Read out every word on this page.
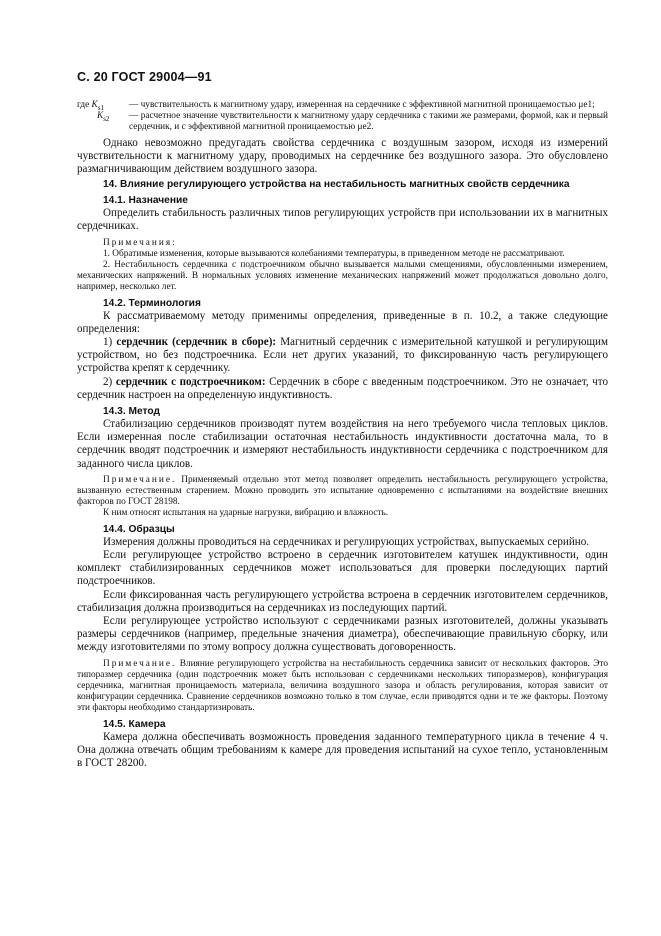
С. 20 ГОСТ 29004—91
где $K_{s1}$	— чувствительность к магнитному удару, измеренная на сердечнике с эффективной магнитной проницаемостью μe1;
$K_{s2}$ — расчетное значение чувствительности к магнитному удару сердечника с такими же размерами, формой, как и первый сердечник, и с эффективной магнитной проницаемостью μe2.

Однако невозможно предугадать свойства сердечника с воздушным зазором, исходя из измерений чувствительности к магнитному удару, проводимых на сердечнике без воздушного зазора. Это обусловлено размагничивающим действием воздушного зазора.

14. Влияние регулирующего устройства на нестабильность магнитных свойств сердечника
14.1. Назначение

Определить стабильность различных типов регулирующих устройств при использовании их в магнитных сердечниках.

Примечания:

1. Обратимые изменения, которые вызываются колебаниями температуры, в приведенном методе не рассматривают.

2. Нестабильность сердечника с подстроечником обычно вызывается малыми смещениями, обусловленными измерением, механических напряжений. В нормальных условиях изменение механических напряжений может продолжаться довольно долго, например, несколько лет.

14.2. Терминология

К рассматриваемому методу применимы определения, приведенные в п. 10.2, а также следующие определения:

1) сердечник (сердечник в сборе): Магнитный сердечник с измерительной катушкой и регулирующим устройством, но без подстроечника. Если нет других указаний, то фиксированную часть регулирующего устройства крепят к сердечнику.

2) сердечник с подстроечником: Сердечник в сборе с введенным подстроечником. Это не означает, что сердечник настроен на определенную индуктивность.

14.3. Метод

Стабилизацию сердечников производят путем воздействия на него требуемого числа тепловых циклов. Если измеренная после стабилизации остаточная нестабильность индуктивности достаточна мала, то в сердечник вводят подстроечник и измеряют нестабильность индуктивности сердечника с подстроечником для заданного числа циклов.

Примечание. Применяемый отдельно этот метод позволяет определить нестабильность регулирующего устройства, вызванную естественным старением. Можно проводить это испытание одновременно с испытаниями на воздействие внешних факторов по ГОСТ 28198.

К ним относят испытания на ударные нагрузки, вибрацию и влажность.

14.4. Образцы

Измерения должны проводиться на сердечниках и регулирующих устройствах, выпускаемых серийно.

Если регулирующее устройство встроено в сердечник изготовителем катушек индуктивности, один комплект стабилизированных сердечников может использоваться для проверки последующих партий подстроечников.

Если фиксированная часть регулирующего устройства встроена в сердечник изготовителем сердечников, стабилизация должна производиться на сердечниках из последующих партий.

Если регулирующее устройство используют с сердечниками разных изготовителей, должны указывать размеры сердечников (например, предельные значения диаметра), обеспечивающие правильную сборку, или между изготовителями по этому вопросу должна существовать договоренность.

Примечание. Влияние регулирующего устройства на нестабильность сердечника зависит от нескольких факторов. Это типоразмер сердечника (один подстроечник может быть использован с сердечниками нескольких типоразмеров), конфигурация сердечника, магнитная проницаемость материала, величина воздушного зазора и область регулирования, которая зависит от конфигурации сердечника. Сравнение сердечников возможно только в том случае, если приводятся одни и те же факторы. Поэтому эти факторы необходимо стандартизировать.

14.5. Камера

Камера должна обеспечивать возможность проведения заданного температурного цикла в течение 4 ч. Она должна отвечать общим требованиям к камере для проведения испытаний на сухое тепло, установленным в ГОСТ 28200.
